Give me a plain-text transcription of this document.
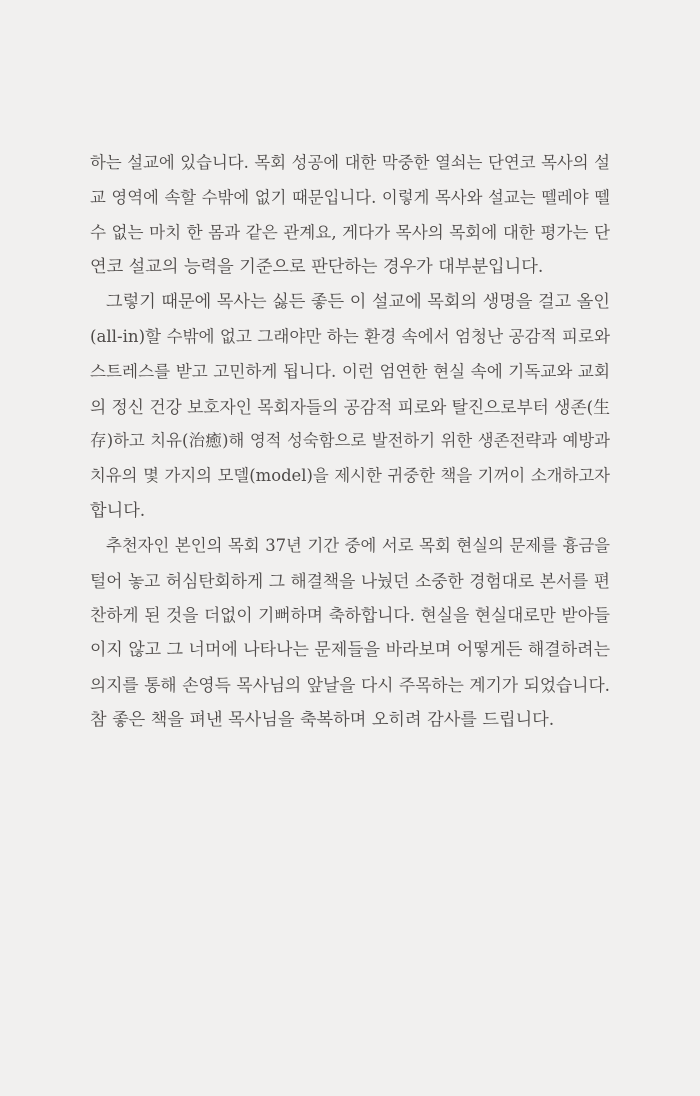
하는 설교에 있습니다. 목회 성공에 대한 막중한 열쇠는 단연코 목사의 설
교 영역에 속할 수밖에 없기 때문입니다. 이렇게 목사와 설교는 뗄레야 뗄
수 없는 마치 한 몸과 같은 관계요, 게다가 목사의 목회에 대한 평가는 단
연코 설교의 능력을 기준으로 판단하는 경우가 대부분입니다.
그렇기 때문에 목사는 싫든 좋든 이 설교에 목회의 생명을 걸고 올인
(all-in)할 수밖에 없고 그래야만 하는 환경 속에서 엄청난 공감적 피로와
스트레스를 받고 고민하게 됩니다. 이런 엄연한 현실 속에 기독교와 교회
의 정신 건강 보호자인 목회자들의 공감적 피로와 탈진으로부터 생존(生
存)하고 치유(治癒)해 영적 성숙함으로 발전하기 위한 생존전략과 예방과
치유의 몇 가지의 모델(model)을 제시한 귀중한 책을 기꺼이 소개하고자
합니다.
추천자인 본인의 목회 37년 기간 중에 서로 목회 현실의 문제를 흉금을
털어 놓고 허심탄회하게 그 해결책을 나눴던 소중한 경험대로 본서를 편
찬하게 된 것을 더없이 기뻐하며 축하합니다. 현실을 현실대로만 받아들
이지 않고 그 너머에 나타나는 문제들을 바라보며 어떻게든 해결하려는
의지를 통해 손영득 목사님의 앞날을 다시 주목하는 계기가 되었습니다.
참 좋은 책을 펴낸 목사님을 축복하며 오히려 감사를 드립니다.
